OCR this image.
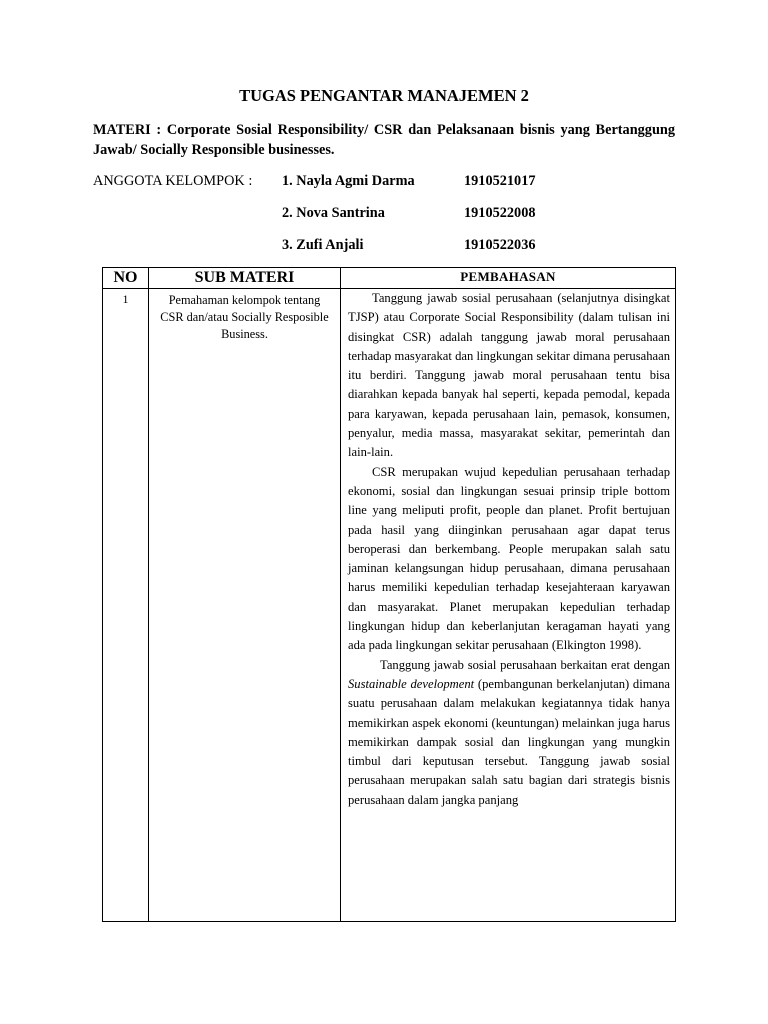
TUGAS PENGANTAR MANAJEMEN 2
MATERI : Corporate Sosial Responsibility/ CSR dan Pelaksanaan bisnis yang Bertanggung Jawab/ Socially Responsible businesses.
ANGGOTA KELOMPOK : 1. Nayla Agmi Darma	1910521017
2. Nova Santrina	1910522008
3. Zufi Anjali	1910522036
NO	SUB MATERI	PEMBAHASAN
1	Pemahaman kelompok tentang CSR dan/atau Socially Resposible Business.	Tanggung jawab sosial perusahaan (selanjutnya disingkat TJSP) atau Corporate Social Responsibility (dalam tulisan ini disingkat CSR) adalah tanggung jawab moral perusahaan terhadap masyarakat dan lingkungan sekitar dimana perusahaan itu berdiri. Tanggung jawab moral perusahaan tentu bisa diarahkan kepada banyak hal seperti, kepada pemodal, kepada para karyawan, kepada perusahaan lain, pemasok, konsumen, penyalur, media massa, masyarakat sekitar, pemerintah dan lain-lain.

CSR merupakan wujud kepedulian perusahaan terhadap ekonomi, sosial dan lingkungan sesuai prinsip triple bottom line yang meliputi profit, people dan planet. Profit bertujuan pada hasil yang diinginkan perusahaan agar dapat terus beroperasi dan berkembang. People merupakan salah satu jaminan kelangsungan hidup perusahaan, dimana perusahaan harus memiliki kepedulian terhadap kesejahteraan karyawan dan masyarakat. Planet merupakan kepedulian terhadap lingkungan hidup dan keberlanjutan keragaman hayati yang ada pada lingkungan sekitar perusahaan (Elkington 1998).

Tanggung jawab sosial perusahaan berkaitan erat dengan Sustainable development (pembangunan berkelanjutan) dimana suatu perusahaan dalam melakukan kegiatannya tidak hanya memikirkan aspek ekonomi (keuntungan) melainkan juga harus memikirkan dampak sosial dan lingkungan yang mungkin timbul dari keputusan tersebut. Tanggung jawab sosial perusahaan merupakan salah satu bagian dari strategis bisnis perusahaan dalam jangka panjang
